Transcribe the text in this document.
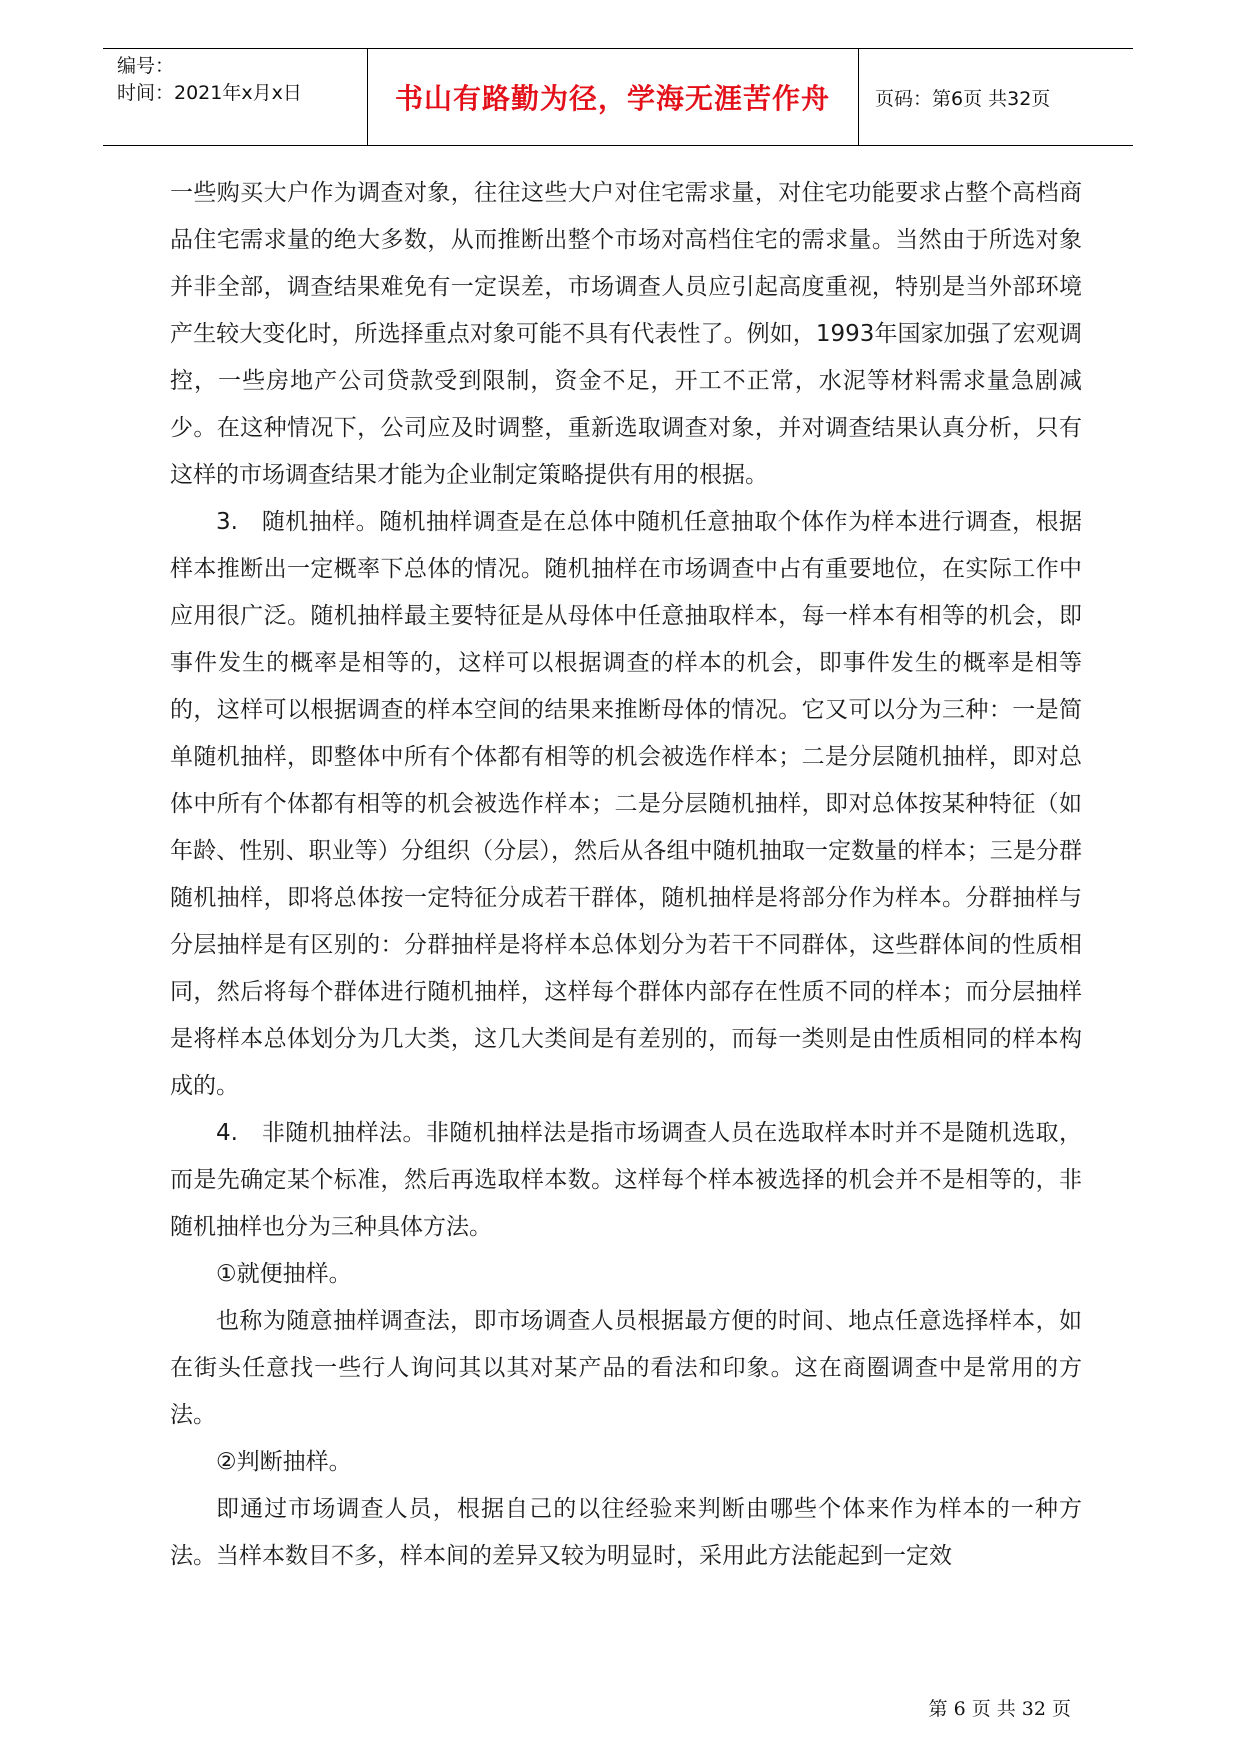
编号：
时间：2021年x月x日	书山有路勤为径，学海无涯苦作舟	页码：第6页 共32页

一些购买大户作为调查对象，往往这些大户对住宅需求量，对住宅功能要求占整个高档商品住宅需求量的绝大多数，从而推断出整个市场对高档住宅的需求量。当然由于所选对象并非全部，调查结果难免有一定误差，市场调查人员应引起高度重视，特别是当外部环境产生较大变化时，所选择重点对象可能不具有代表性了。例如，1993年国家加强了宏观调控，一些房地产公司贷款受到限制，资金不足，开工不正常，水泥等材料需求量急剧减少。在这种情况下，公司应及时调整，重新选取调查对象，并对调查结果认真分析，只有这样的市场调查结果才能为企业制定策略提供有用的根据。

3.　随机抽样。随机抽样调查是在总体中随机任意抽取个体作为样本进行调查，根据样本推断出一定概率下总体的情况。随机抽样在市场调查中占有重要地位，在实际工作中应用很广泛。随机抽样最主要特征是从母体中任意抽取样本，每一样本有相等的机会，即事件发生的概率是相等的，这样可以根据调查的样本的机会，即事件发生的概率是相等的，这样可以根据调查的样本空间的结果来推断母体的情况。它又可以分为三种：一是简单随机抽样，即整体中所有个体都有相等的机会被选作样本；二是分层随机抽样，即对总体中所有个体都有相等的机会被选作样本；二是分层随机抽样，即对总体按某种特征（如年龄、性别、职业等）分组织（分层），然后从各组中随机抽取一定数量的样本；三是分群随机抽样，即将总体按一定特征分成若干群体，随机抽样是将部分作为样本。分群抽样与分层抽样是有区别的：分群抽样是将样本总体划分为若干不同群体，这些群体间的性质相同，然后将每个群体进行随机抽样，这样每个群体内部存在性质不同的样本；而分层抽样是将样本总体划分为几大类，这几大类间是有差别的，而每一类则是由性质相同的样本构成的。

4.　非随机抽样法。非随机抽样法是指市场调查人员在选取样本时并不是随机选取，而是先确定某个标准，然后再选取样本数。这样每个样本被选择的机会并不是相等的，非随机抽样也分为三种具体方法。

①就便抽样。

也称为随意抽样调查法，即市场调查人员根据最方便的时间、地点任意选择样本，如在街头任意找一些行人询问其以其对某产品的看法和印象。这在商圈调查中是常用的方法。

②判断抽样。

即通过市场调查人员，根据自己的以往经验来判断由哪些个体来作为样本的一种方法。当样本数目不多，样本间的差异又较为明显时，采用此方法能起到一定效

第 6 页 共 32 页
